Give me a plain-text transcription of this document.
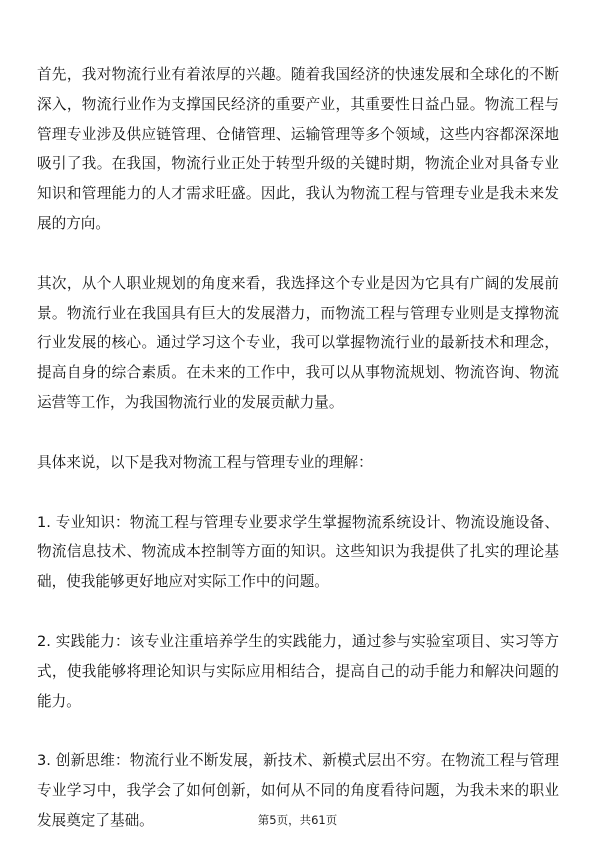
首先，我对物流行业有着浓厚的兴趣。随着我国经济的快速发展和全球化的不断深入，物流行业作为支撑国民经济的重要产业，其重要性日益凸显。物流工程与管理专业涉及供应链管理、仓储管理、运输管理等多个领域，这些内容都深深地吸引了我。在我国，物流行业正处于转型升级的关键时期，物流企业对具备专业知识和管理能力的人才需求旺盛。因此，我认为物流工程与管理专业是我未来发展的方向。

其次，从个人职业规划的角度来看，我选择这个专业是因为它具有广阔的发展前景。物流行业在我国具有巨大的发展潜力，而物流工程与管理专业则是支撑物流行业发展的核心。通过学习这个专业，我可以掌握物流行业的最新技术和理念，提高自身的综合素质。在未来的工作中，我可以从事物流规划、物流咨询、物流运营等工作，为我国物流行业的发展贡献力量。

具体来说，以下是我对物流工程与管理专业的理解：

1. 专业知识：物流工程与管理专业要求学生掌握物流系统设计、物流设施设备、物流信息技术、物流成本控制等方面的知识。这些知识为我提供了扎实的理论基础，使我能够更好地应对实际工作中的问题。

2. 实践能力：该专业注重培养学生的实践能力，通过参与实验室项目、实习等方式，使我能够将理论知识与实际应用相结合，提高自己的动手能力和解决问题的能力。

3. 创新思维：物流行业不断发展，新技术、新模式层出不穷。在物流工程与管理专业学习中，我学会了如何创新，如何从不同的角度看待问题，为我未来的职业发展奠定了基础。	第5页，共61页
